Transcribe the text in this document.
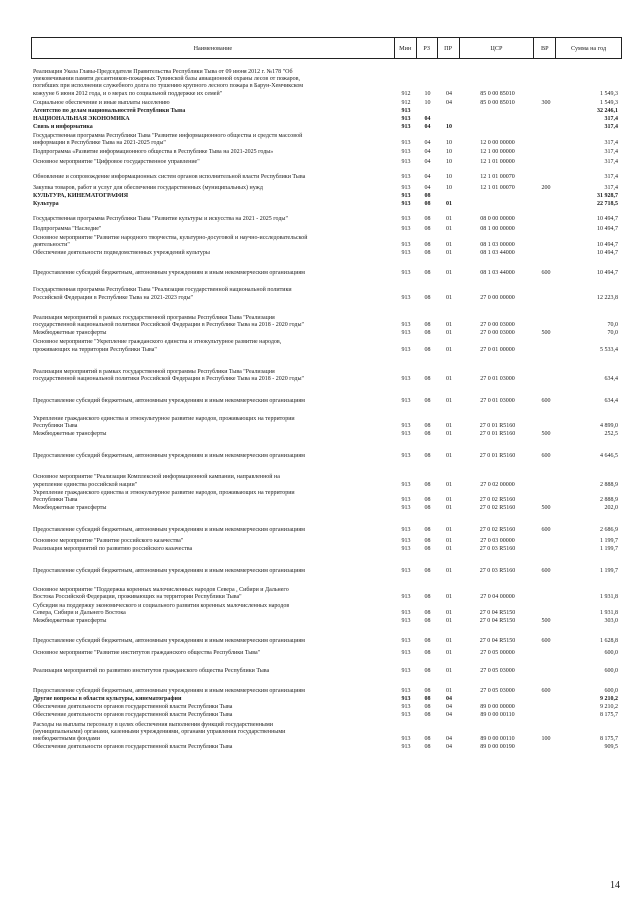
Наименование	Мин	РЗ	ПР	ЦСР	ВР	Сумма на год
Реализация Указа Главы-Председателя Правительства Республики Тыва от 09 июня 2012 г. №178 "Об
увековечивании памяти десантников-пожарных Тувинской базы авиационной охраны лесов от пожаров,
погибших при исполнении служебного долга по тушению крупного лесного пожара в Барун-Хемчикском
кожуунe 6 июня 2012 года, и о мерах по социальной поддержке их семей"	912	10	04	85 0 00 85010	1 549,3
Социальное обеспечение и иные выплаты населению	912	10	04	85 0 00 85010	300	1 549,3
Агентство по делам национальностей Республики Тыва	913	32 246,1
НАЦИОНАЛЬНАЯ ЭКОНОМИКА	913	04	317,4
Связь и информатика	913	04	10	317,4
Государственная программа Республики Тыва "Развитие информационного общества и средств массовой
информации в Республике Тыва на 2021-2025 годы"	913	04	10	12 0 00 00000	317,4
Подпрограмма «Развитие информационного общества в Республике Тыва на 2021-2025 годы»	913	04	10	12 1 00 00000	317,4
Основное мероприятие "Цифровое государственное управление"	913	04	10	12 1 01 00000	317,4
Обновление и сопровождение информационных систем органов исполнительной власти Республики Тыва	913	04	10	12 1 01 00070	317,4
Закупка товаров, работ и услуг для обеспечения государственных (муниципальных) нужд	913	04	10	12 1 01 00070	200	317,4
КУЛЬТУРА, КИНЕМАТОГРАФИЯ	913	08	31 928,7
Культура	913	08	01	22 718,5
Государственная программа Республики Тыва "Развитие культуры и искусства на 2021 - 2025 годы"	913	08	01	08 0 00 00000	10 494,7
Подпрограмма "Наследие"	913	08	01	08 1 00 00000	10 494,7
Основное мероприятие "Развитие народного творчества, культурно-досуговой и научно-исследовательской
деятельности"	913	08	01	08 1 03 00000	10 494,7
Обеспечение деятельности подведомственных учреждений культуры	913	08	01	08 1 03 44000	10 494,7
Предоставление субсидий бюджетным, автономным учреждениям и иным некоммерческим организациям	913	08	01	08 1 03 44000	600	10 494,7
Государственная программа Республики Тыва "Реализация государственной национальной политики
Российской Федерации в Республике Тыва на 2021-2023 годы"	913	08	01	27 0 00 00000	12 223,8
Реализация мероприятий в рамках государственной программы Республики Тыва "Реализация
государственной национальной политики Российской Федерации в Республике Тыва на 2018 - 2020 годы"	913	08	01	27 0 00 03000	70,0
Межбюджетные трансферты	913	08	01	27 0 00 03000	500	70,0
Основное мероприятие "Укрепление гражданского единства и этнокультурное развитие народов,
проживающих на территории Республики Тыва"	913	08	01	27 0 01 00000	5 533,4
Реализация мероприятий в рамках государственной программы Республики Тыва "Реализация
государственной национальной политики Российской Федерации в Республике Тыва на 2018 - 2020 годы"	913	08	01	27 0 01 03000	634,4
Предоставление субсидий бюджетным, автономным учреждениям и иным некоммерческим организациям	913	08	01	27 0 01 03000	600	634,4
Укрепление гражданского единства и этнокультурное развитие народов, проживающих на территории
Республики Тыва	913	08	01	27 0 01 R5160	4 899,0
Межбюджетные трансферты	913	08	01	27 0 01 R5160	500	252,5
Предоставление субсидий бюджетным, автономным учреждениям и иным некоммерческим организациям	913	08	01	27 0 01 R5160	600	4 646,5
Основное мероприятие "Реализация Комплексной информационной кампании, направленной на
укрепление единства российской нации"	913	08	01	27 0 02 00000	2 888,9
Укрепление гражданского единства и этнокультурное развитие народов, проживающих на территории
Республики Тыва	913	08	01	27 0 02 R5160	2 888,9
Межбюджетные трансферты	913	08	01	27 0 02 R5160	500	202,0
Предоставление субсидий бюджетным, автономным учреждениям и иным некоммерческим организациям	913	08	01	27 0 02 R5160	600	2 686,9
Основное мероприятие "Развитие российского казачества"	913	08	01	27 0 03 00000	1 199,7
Реализация мероприятий по развитию российского казачества	913	08	01	27 0 03 R5160	1 199,7
Предоставление субсидий бюджетным, автономным учреждениям и иным некоммерческим организациям	913	08	01	27 0 03 R5160	600	1 199,7
Основное мероприятие "Поддержка коренных малочисленных народов Севера , Сибири и Дальнего
Востока Российской Федерации, проживающих на территории Республики Тыва"	913	08	01	27 0 04 00000	1 931,8
Субсидия на поддержку экономического и социального развития коренных малочисленных народов
Севера, Сибири и Дальнего Востока	913	08	01	27 0 04 R5150	1 931,8
Межбюджетные трансферты	913	08	01	27 0 04 R5150	500	303,0
Предоставление субсидий бюджетным, автономным учреждениям и иным некоммерческим организациям	913	08	01	27 0 04 R5150	600	1 628,8
Основное мероприятие "Развитие институтов гражданского общества Республики Тыва"	913	08	01	27 0 05 00000	600,0
Реализация мероприятий по развитию институтов гражданского общества Республики Тыва	913	08	01	27 0 05 03000	600,0
Предоставление субсидий бюджетным, автономным учреждениям и иным некоммерческим организациям	913	08	01	27 0 05 03000	600	600,0
Другие вопросы в области культуры, кинематографии	913	08	04	9 210,2
Обеспечение деятельности органов государственной власти Республики Тыва	913	08	04	89 0 00 00000	9 210,2
Обеспечение деятельности органов государственной власти Республики Тыва	913	08	04	89 0 00 00110	8 175,7
Расходы на выплаты персоналу в целях обеспечения выполнения функций государственными
(муниципальными) органами, казенными учреждениями, органами управления государственными
внебюджетными фондами	913	08	04	89 0 00 00110	100	8 175,7
Обеспечение деятельности органов государственной власти Республики Тыва	913	08	04	89 0 00 00190	909,5
14
